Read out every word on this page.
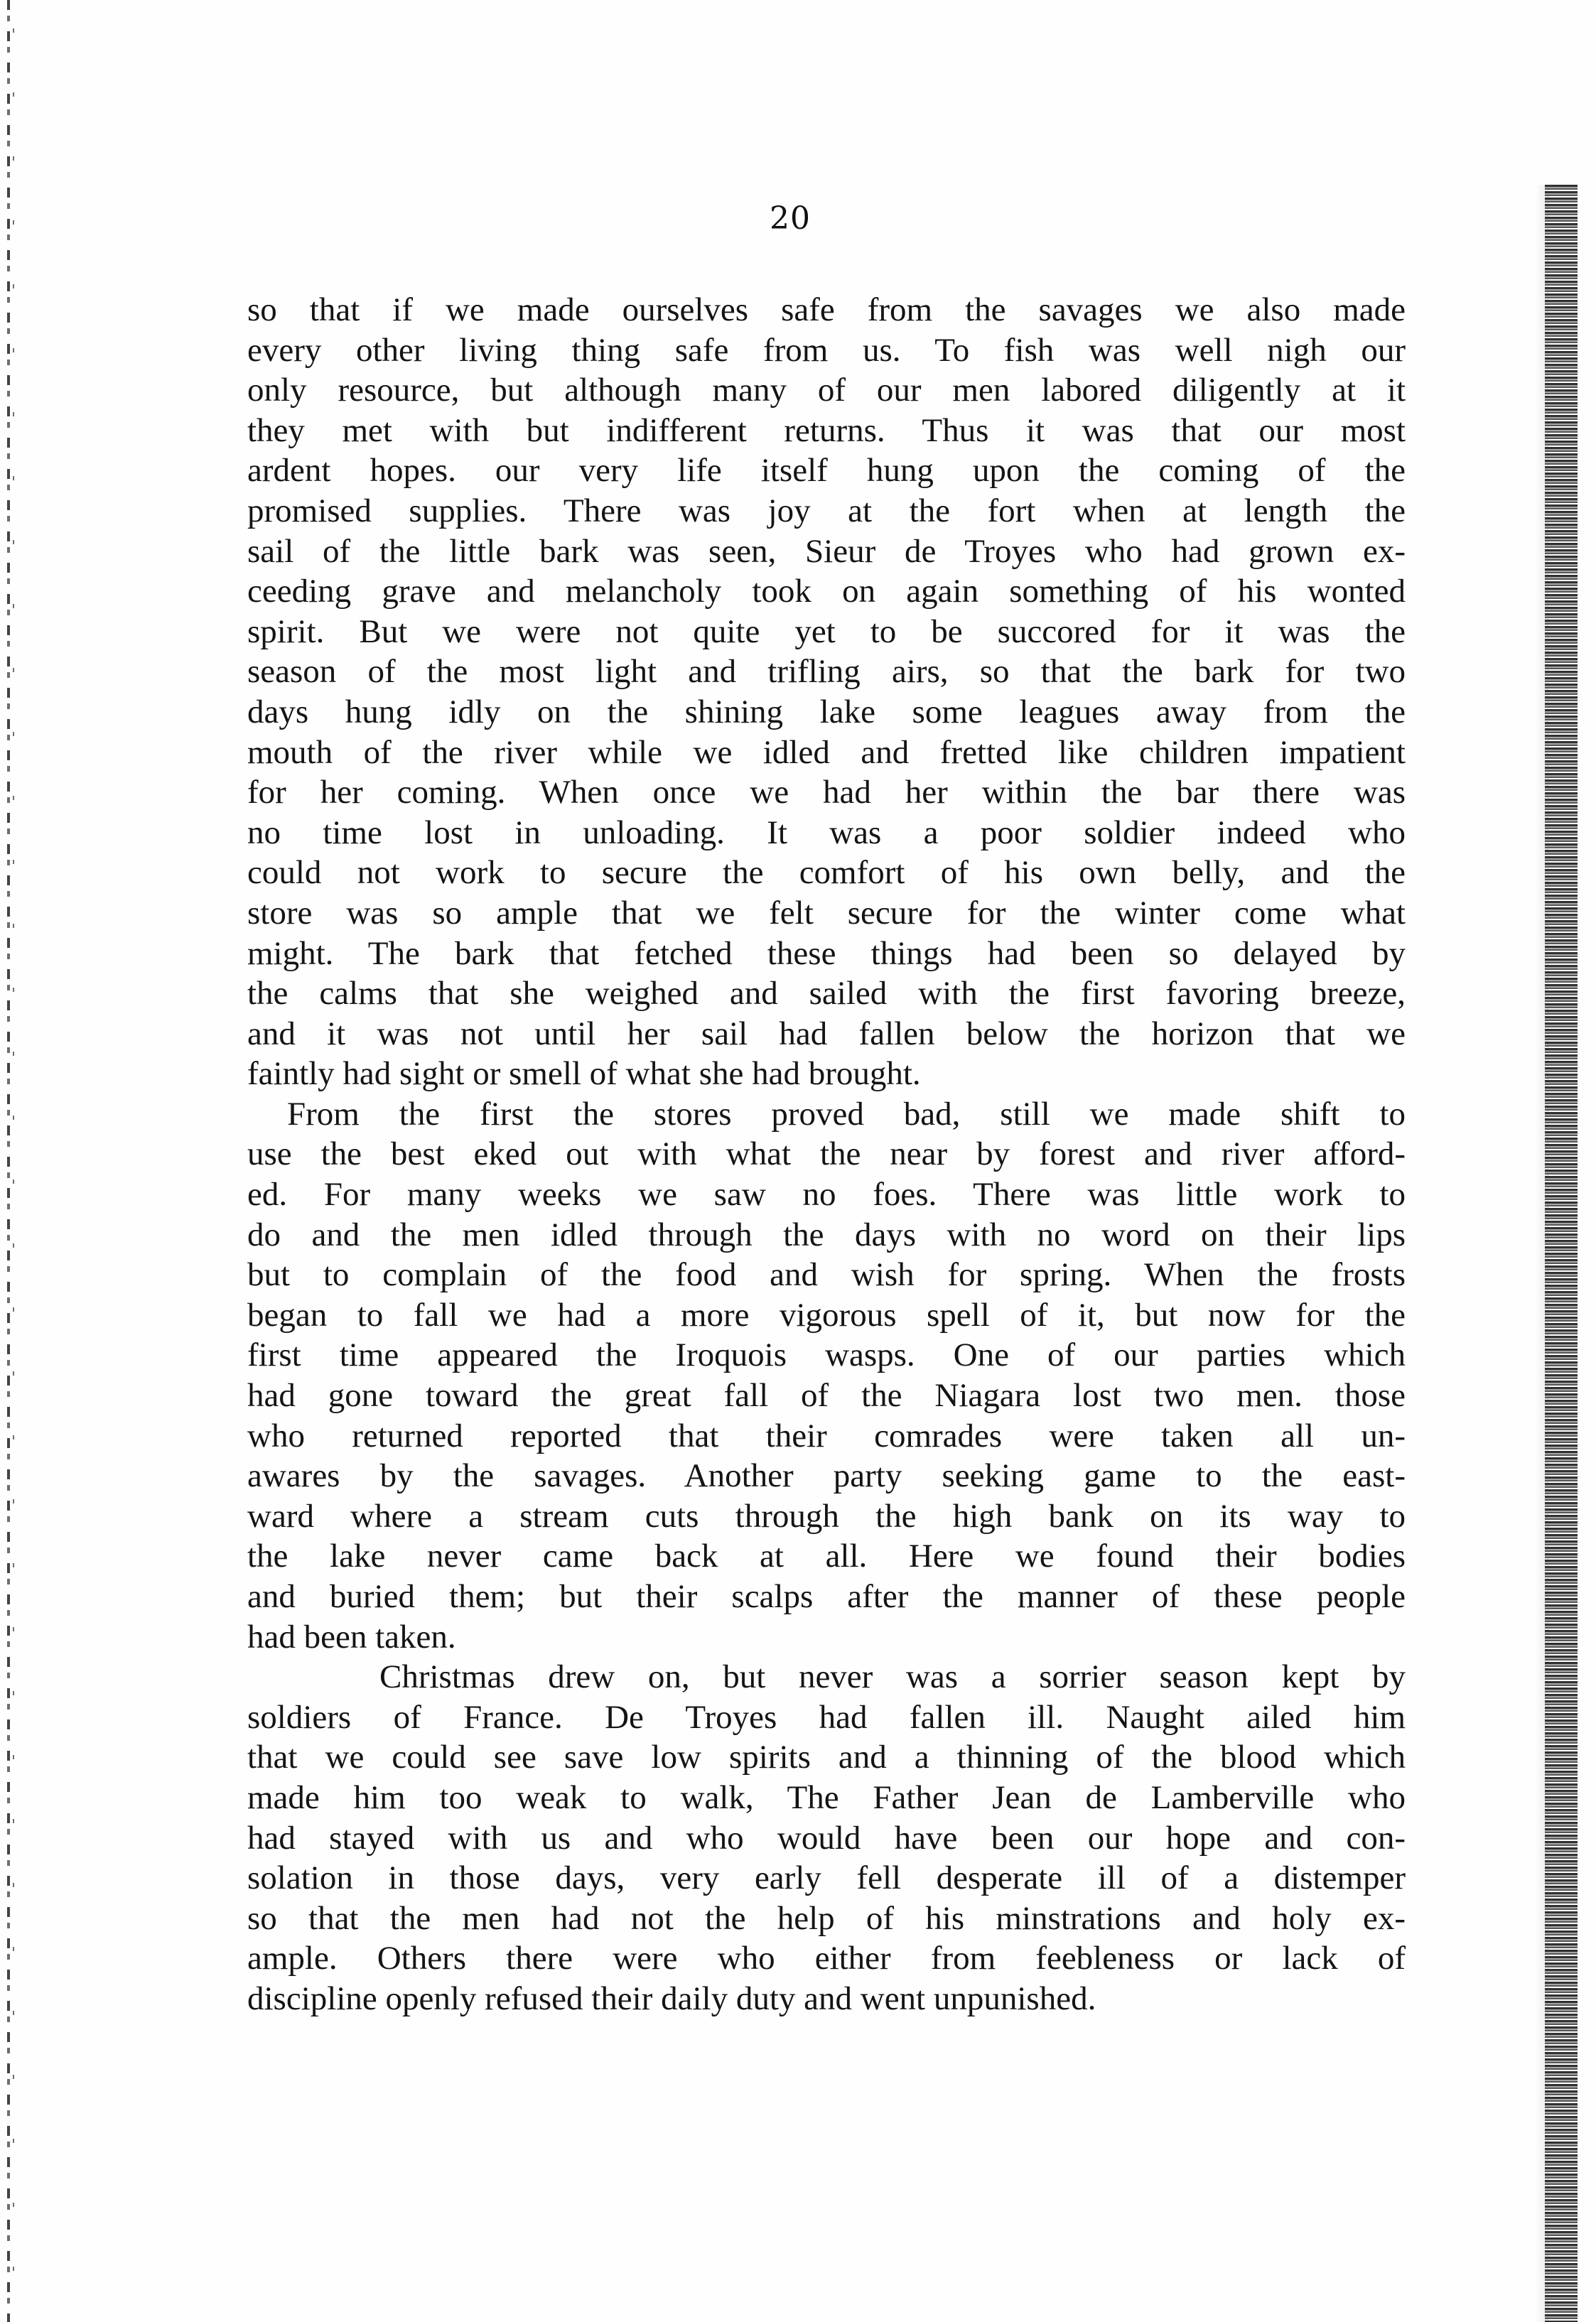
20
so that if we made ourselves safe from the savages we also made
every other living thing safe from us. To fish was well nigh our
only resource, but although many of our men labored diligently at it
they met with but indifferent returns. Thus it was that our most
ardent hopes. our very life itself hung upon the coming of the
promised supplies. There was joy at the fort when at length the
sail of the little bark was seen, Sieur de Troyes who had grown ex-
ceeding grave and melancholy took on again something of his wonted
spirit. But we were not quite yet to be succored for it was the
season of the most light and trifling airs, so that the bark for two
days hung idly on the shining lake some leagues away from the
mouth of the river while we idled and fretted like children impatient
for her coming. When once we had her within the bar there was
no time lost in unloading. It was a poor soldier indeed who
could not work to secure the comfort of his own belly, and the
store was so ample that we felt secure for the winter come what
might. The bark that fetched these things had been so delayed by
the calms that she weighed and sailed with the first favoring breeze,
and it was not until her sail had fallen below the horizon that we
faintly had sight or smell of what she had brought.
From the first the stores proved bad, still we made shift to
use the best eked out with what the near by forest and river afford-
ed. For many weeks we saw no foes. There was little work to
do and the men idled through the days with no word on their lips
but to complain of the food and wish for spring. When the frosts
began to fall we had a more vigorous spell of it, but now for the
first time appeared the Iroquois wasps. One of our parties which
had gone toward the great fall of the Niagara lost two men. those
who returned reported that their comrades were taken all un-
awares by the savages. Another party seeking game to the east-
ward where a stream cuts through the high bank on its way to
the lake never came back at all. Here we found their bodies
and buried them; but their scalps after the manner of these people
had been taken.
Christmas drew on, but never was a sorrier season kept by
soldiers of France. De Troyes had fallen ill. Naught ailed him
that we could see save low spirits and a thinning of the blood which
made him too weak to walk, The Father Jean de Lamberville who
had stayed with us and who would have been our hope and con-
solation in those days, very early fell desperate ill of a distemper
so that the men had not the help of his minstrations and holy ex-
ample. Others there were who either from feebleness or lack of
discipline openly refused their daily duty and went unpunished.
